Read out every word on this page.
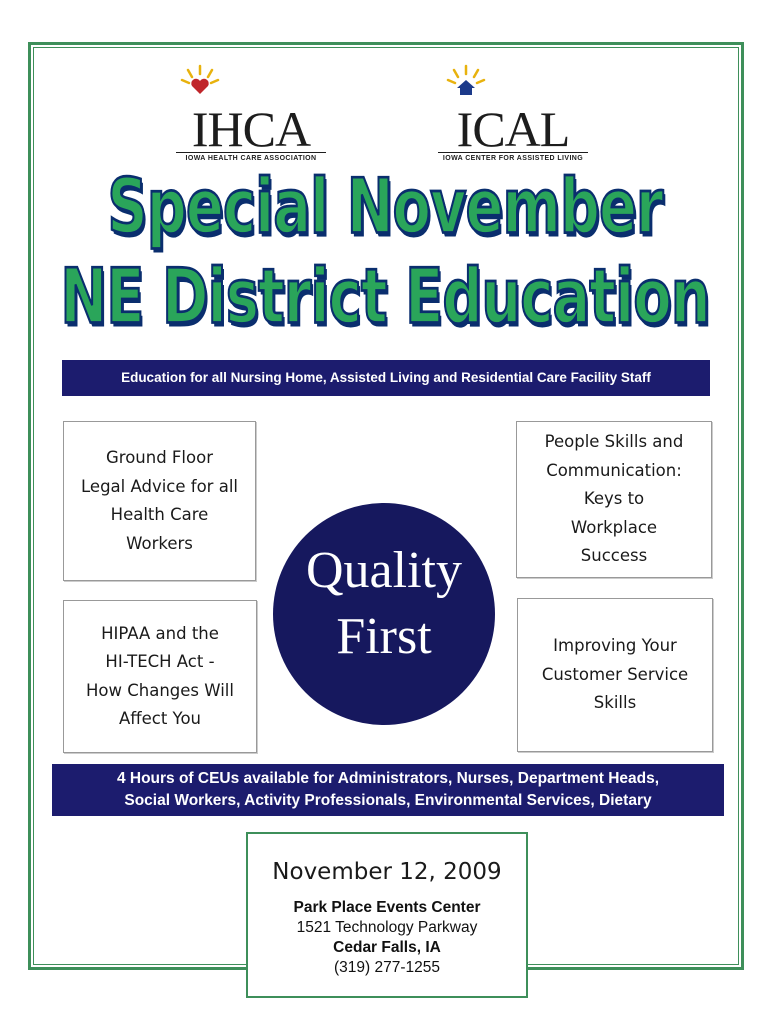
IHCA
IOWA HEALTH CARE ASSOCIATION
ICAL
IOWA CENTER FOR ASSISTED LIVING
Special November
NE District Education
Education for all Nursing Home, Assisted Living and Residential Care Facility Staff
Ground Floor
Legal Advice for all
Health Care
Workers
People Skills and
Communication:
Keys to
Workplace
Success
HIPAA and the
HI-TECH Act -
How Changes Will
Affect You
Improving Your
Customer Service
Skills
Quality
First
4 Hours of CEUs available for Administrators, Nurses, Department Heads,
Social Workers, Activity Professionals, Environmental Services, Dietary
November 12, 2009
Park Place Events Center
1521 Technology Parkway
Cedar Falls, IA
(319) 277-1255
